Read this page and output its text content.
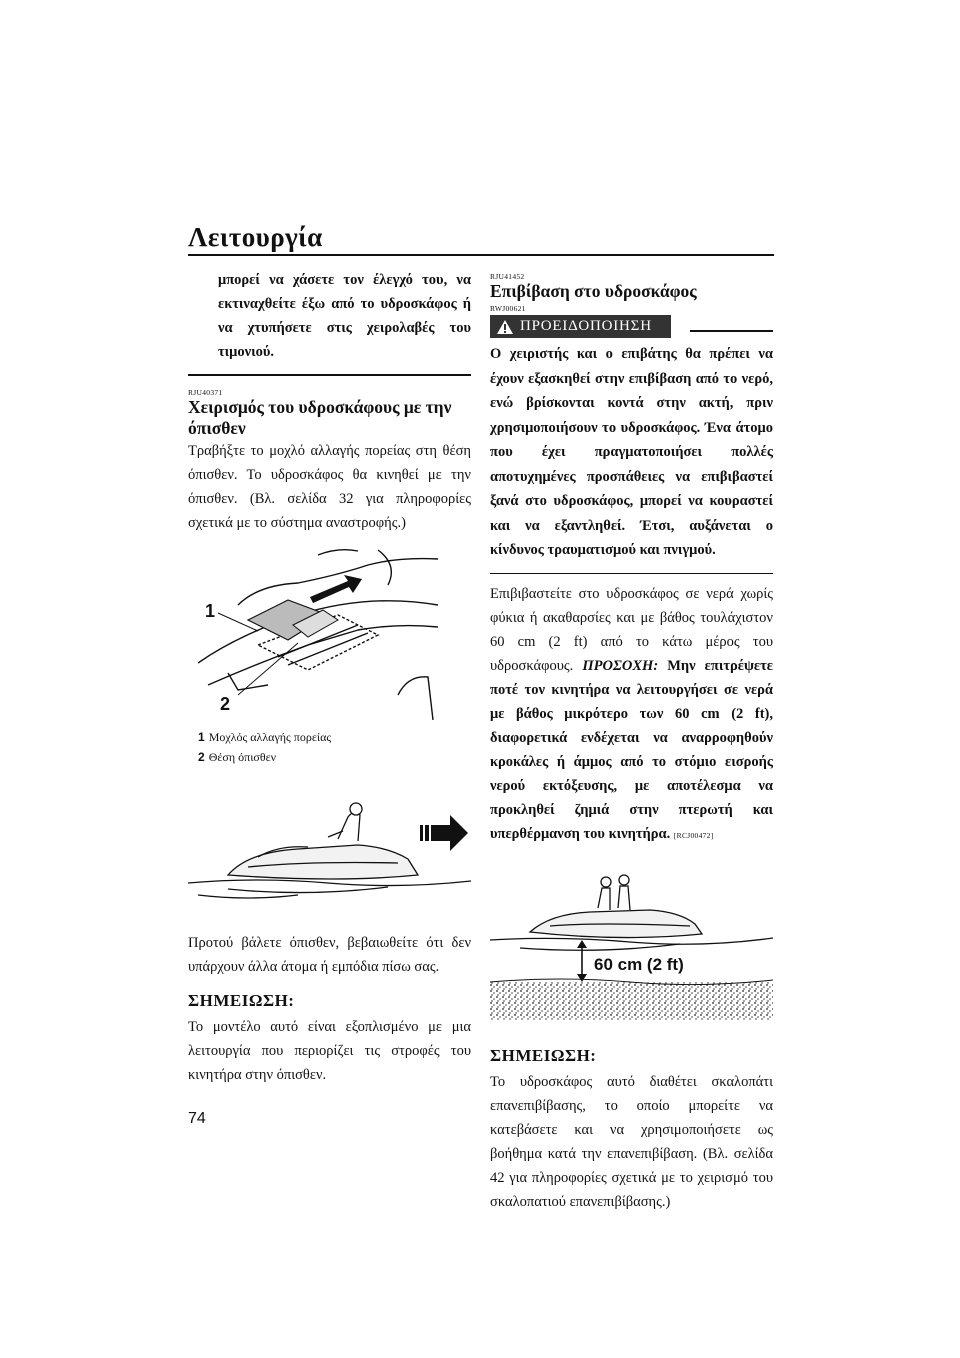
Λειτουργία

μπορεί να χάσετε τον έλεγχό του, να εκτιναχθείτε έξω από το υδροσκάφος ή να χτυπήσετε στις χειρολαβές του τιμονιού.

RJU40371
Χειρισμός του υδροσκάφους με την όπισθεν

Τραβήξτε το μοχλό αλλαγής πορείας στη θέση όπισθεν. Το υδροσκάφος θα κινηθεί με την όπισθεν. (Βλ. σελίδα 32 για πληροφορίες σχετικά με το σύστημα αναστροφής.)

1
2
1 Μοχλός αλλαγής πορείας
2 Θέση όπισθεν

Προτού βάλετε όπισθεν, βεβαιωθείτε ότι δεν υπάρχουν άλλα άτομα ή εμπόδια πίσω σας.

ΣΗΜΕΙΩΣΗ:

Το μοντέλο αυτό είναι εξοπλισμένο με μια λειτουργία που περιορίζει τις στροφές του κινητήρα στην όπισθεν.

RJU41452
Επιβίβαση στο υδροσκάφος
RWJ00621
ΠΡΟΕΙΔΟΠΟΙΗΣΗ

Ο χειριστής και ο επιβάτης θα πρέπει να έχουν εξασκηθεί στην επιβίβαση από το νερό, ενώ βρίσκονται κοντά στην ακτή, πριν χρησιμοποιήσουν το υδροσκάφος. Ένα άτομο που έχει πραγματοποιήσει πολλές αποτυχημένες προσπάθειες να επιβιβαστεί ξανά στο υδροσκάφος, μπορεί να κουραστεί και να εξαντληθεί. Έτσι, αυξάνεται ο κίνδυνος τραυματισμού και πνιγμού.

Επιβιβαστείτε στο υδροσκάφος σε νερά χωρίς φύκια ή ακαθαρσίες και με βάθος τουλάχιστον 60 cm (2 ft) από το κάτω μέρος του υδροσκάφους. ΠΡΟΣΟΧΗ: Μην επιτρέψετε ποτέ τον κινητήρα να λειτουργήσει σε νερά με βάθος μικρότερο των 60 cm (2 ft), διαφορετικά ενδέχεται να αναρροφηθούν κροκάλες ή άμμος από το στόμιο εισροής νερού εκτόξευσης, με αποτέλεσμα να προκληθεί ζημιά στην πτερωτή και υπερθέρμανση του κινητήρα. [RCJ00472]

60 cm (2 ft)
ΣΗΜΕΙΩΣΗ:

Το υδροσκάφος αυτό διαθέτει σκαλοπάτι επανεπιβίβασης, το οποίο μπορείτε να κατεβάσετε και να χρησιμοποιήσετε ως βοήθημα κατά την επανεπιβίβαση. (Βλ. σελίδα 42 για πληροφορίες σχετικά με το χειρισμό του σκαλοπατιού επανεπιβίβασης.)

74
